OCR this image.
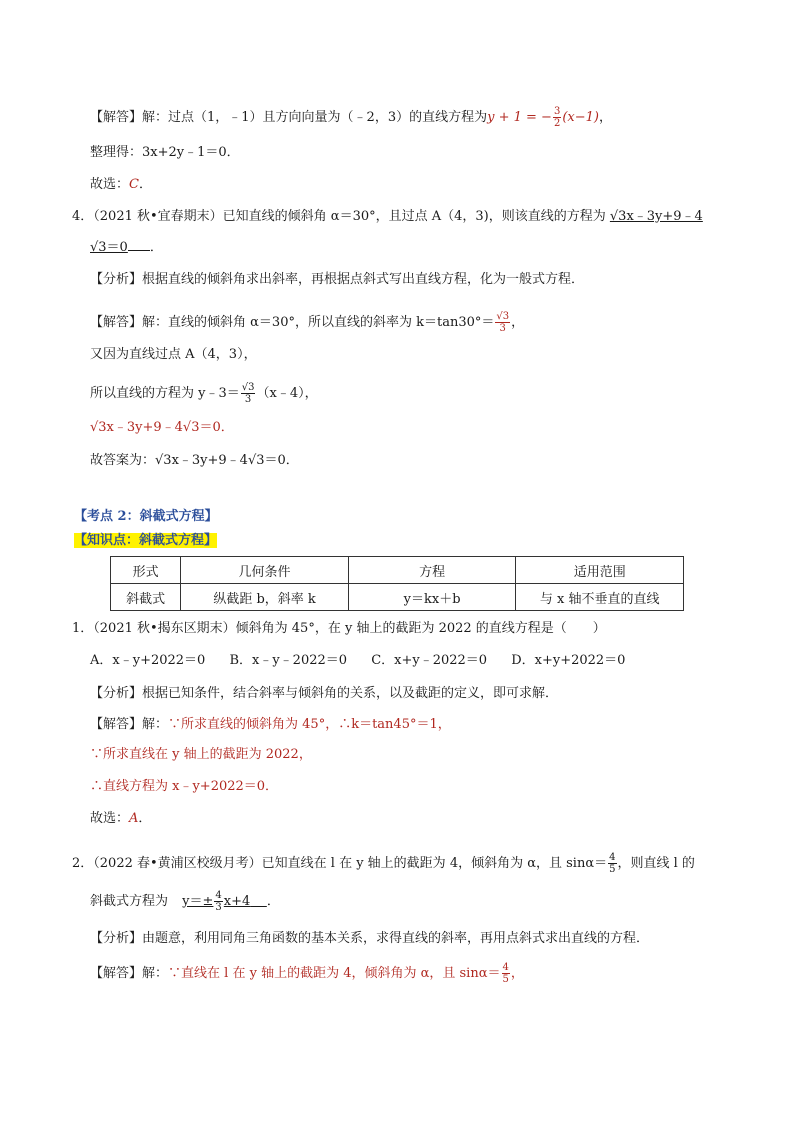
【解答】解：过点（1，﹣1）且方向向量为（﹣2，3）的直线方程为y + 1 = − $\frac{3}{2} (x-1)$，
整理得：3x+2y﹣1＝0．
故选：C．
4．（2021 秋•宜春期末）已知直线的倾斜角 α＝30°，且过点 A（4，3)，则该直线的方程为 √3x﹣3y+9﹣4
√3＝0 ．
【分析】根据直线的倾斜角求出斜率，再根据点斜式写出直线方程，化为一般式方程．
【解答】解：直线的倾斜角 α＝30°，所以直线的斜率为 $k=\tan 30^\circ= \frac{√3}{3}$ ，
又因为直线过点 A（4，3），
所以直线的方程为 y﹣3＝ $\frac{√3}{3}$ （x﹣4），
√3x﹣3y+9﹣4√3＝0．
故答案为：√3x﹣3y+9﹣4√3＝0．
【考点 2：斜截式方程】
【知识点：斜截式方程】
形式	几何条件	方程	适用范围
斜截式	纵截距 b，斜率 k	y＝kx＋b	与 x 轴不垂直的直线
1．（2021 秋•揭东区期末）倾斜角为 45°，在 y 轴上的截距为 2022 的直线方程是（　　）
A．x﹣y+2022＝0 B．x﹣y﹣2022＝0 C．x+y﹣2022＝0 D．x+y+2022＝0
【分析】根据已知条件，结合斜率与倾斜角的关系，以及截距的定义，即可求解．
【解答】解：∵所求直线的倾斜角为 45°，∴k＝tan45°＝1，
∵所求直线在 y 轴上的截距为 2022，
∴直线方程为 x﹣y+2022＝0．
故选：A．
2．（2022 春•黄浦区校级月考）已知直线在 l 在 y 轴上的截距为 4，倾斜角为 α，且 $\sin\alpha= \frac{4}{5}$ ，则直线 l 的
斜截式方程为 $y=\pm \frac{4}{3} x+4$ ．
【分析】由题意，利用同角三角函数的基本关系，求得直线的斜率，再用点斜式求出直线的方程．
【解答】解：∵直线在 l 在 y 轴上的截距为 4，倾斜角为 α，且 $\sin\alpha= \frac{4}{5}$ ，
